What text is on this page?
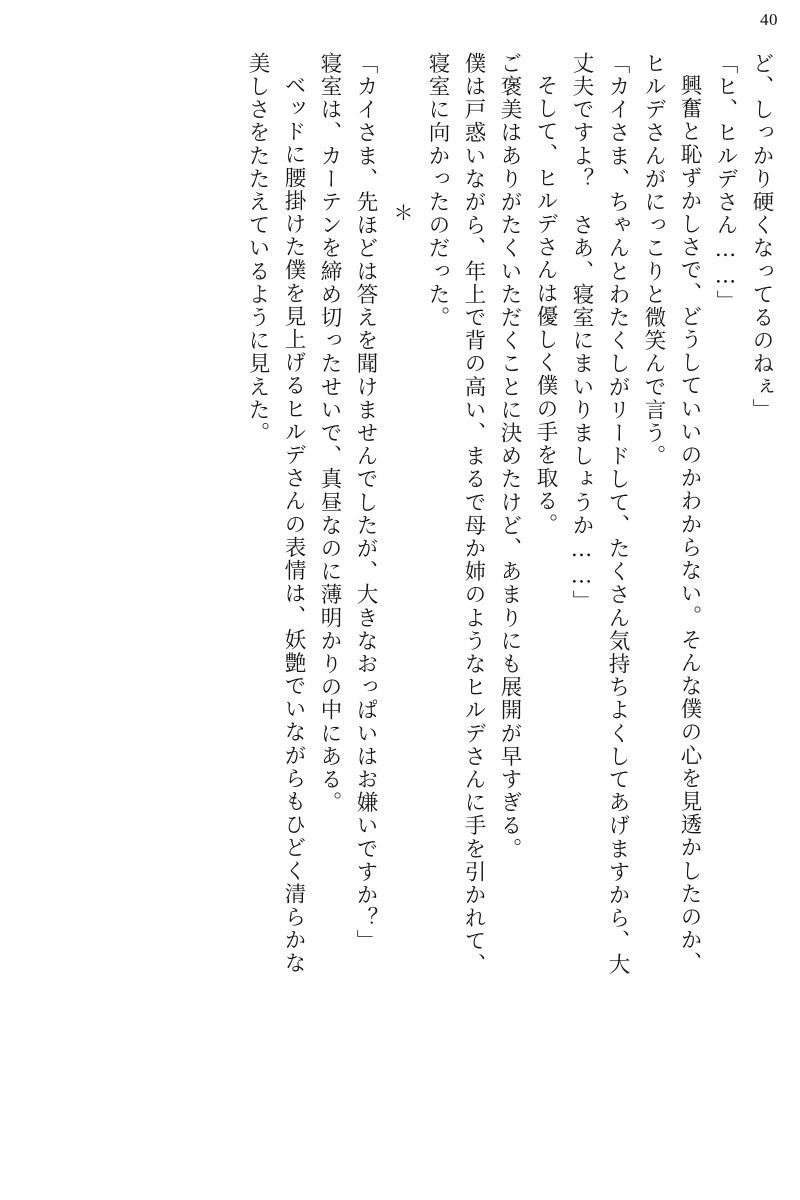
40
ど、しっかり硬くなってるのねぇ」
「ヒ、ヒルデさん……」
興奮と恥ずかしさで、どうしていいのかわからない。そんな僕の心を見透かしたのか、
ヒルデさんがにっこりと微笑んで言う。
「カイさま、ちゃんとわたくしがリードして、たくさん気持ちよくしてあげますから、大
丈夫ですよ？　さあ、寝室にまいりましょうか……」
そして、ヒルデさんは優しく僕の手を取る。
ご褒美はありがたくいただくことに決めたけど、あまりにも展開が早すぎる。
僕は戸惑いながら、年上で背の高い、まるで母か姉のようなヒルデさんに手を引かれて、
寝室に向かったのだった。
＊
「カイさま、先ほどは答えを聞けませんでしたが、大きなおっぱいはお嫌いですか？」
寝室は、カーテンを締め切ったせいで、真昼なのに薄明かりの中にある。
ベッドに腰掛けた僕を見上げるヒルデさんの表情は、妖艶でいながらもひどく清らかな
美しさをたたえているように見えた。
